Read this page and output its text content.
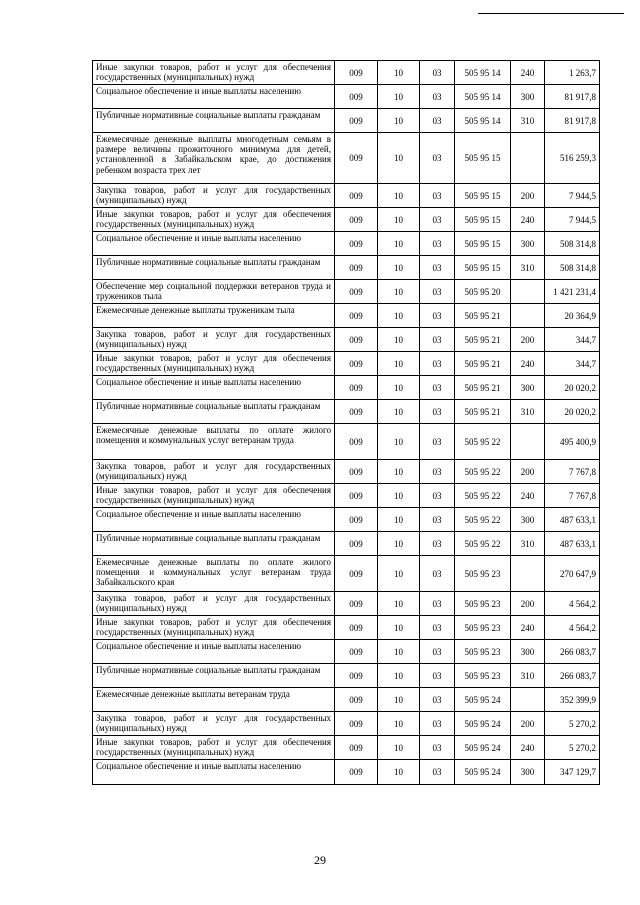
Иные закупки товаров, работ и услуг для обеспечения государственных (муниципальных) нужд	009	10	03	505 95 14	240	1 263,7
Социальное обеспечение и иные выплаты населению	009	10	03	505 95 14	300	81 917,8
Публичные нормативные социальные выплаты гражданам	009	10	03	505 95 14	310	81 917,8
Ежемесячные денежные выплаты многодетным семьям в размере величины прожиточного минимума для детей, установленной в Забайкальском крае, до достижения ребенком возраста трех лет	009	10	03	505 95 15		516 259,3
Закупка товаров, работ и услуг для государственных (муниципальных) нужд	009	10	03	505 95 15	200	7 944,5
Иные закупки товаров, работ и услуг для обеспечения государственных (муниципальных) нужд	009	10	03	505 95 15	240	7 944,5
Социальное обеспечение и иные выплаты населению	009	10	03	505 95 15	300	508 314,8
Публичные нормативные социальные выплаты гражданам	009	10	03	505 95 15	310	508 314,8
Обеспечение мер социальной поддержки ветеранов труда и тружеников тыла	009	10	03	505 95 20		1 421 231,4
Ежемесячные денежные выплаты труженикам тыла	009	10	03	505 95 21		20 364,9
Закупка товаров, работ и услуг для государственных (муниципальных) нужд	009	10	03	505 95 21	200	344,7
Иные закупки товаров, работ и услуг для обеспечения государственных (муниципальных) нужд	009	10	03	505 95 21	240	344,7
Социальное обеспечение и иные выплаты населению	009	10	03	505 95 21	300	20 020,2
Публичные нормативные социальные выплаты гражданам	009	10	03	505 95 21	310	20 020,2
Ежемесячные денежные выплаты по оплате жилого помещения и коммунальных услуг ветеранам труда	009	10	03	505 95 22		495 400,9
Закупка товаров, работ и услуг для государственных (муниципальных) нужд	009	10	03	505 95 22	200	7 767,8
Иные закупки товаров, работ и услуг для обеспечения государственных (муниципальных) нужд	009	10	03	505 95 22	240	7 767,8
Социальное обеспечение и иные выплаты населению	009	10	03	505 95 22	300	487 633,1
Публичные нормативные социальные выплаты гражданам	009	10	03	505 95 22	310	487 633,1
Ежемесячные денежные выплаты по оплате жилого помещения и коммунальных услуг ветеранам труда Забайкальского края	009	10	03	505 95 23		270 647,9
Закупка товаров, работ и услуг для государственных (муниципальных) нужд	009	10	03	505 95 23	200	4 564,2
Иные закупки товаров, работ и услуг для обеспечения государственных (муниципальных) нужд	009	10	03	505 95 23	240	4 564,2
Социальное обеспечение и иные выплаты населению	009	10	03	505 95 23	300	266 083,7
Публичные нормативные социальные выплаты гражданам	009	10	03	505 95 23	310	266 083,7
Ежемесячные денежные выплаты ветеранам труда	009	10	03	505 95 24		352 399,9
Закупка товаров, работ и услуг для государственных (муниципальных) нужд	009	10	03	505 95 24	200	5 270,2
Иные закупки товаров, работ и услуг для обеспечения государственных (муниципальных) нужд	009	10	03	505 95 24	240	5 270,2
Социальное обеспечение и иные выплаты населению	009	10	03	505 95 24	300	347 129,7
29
